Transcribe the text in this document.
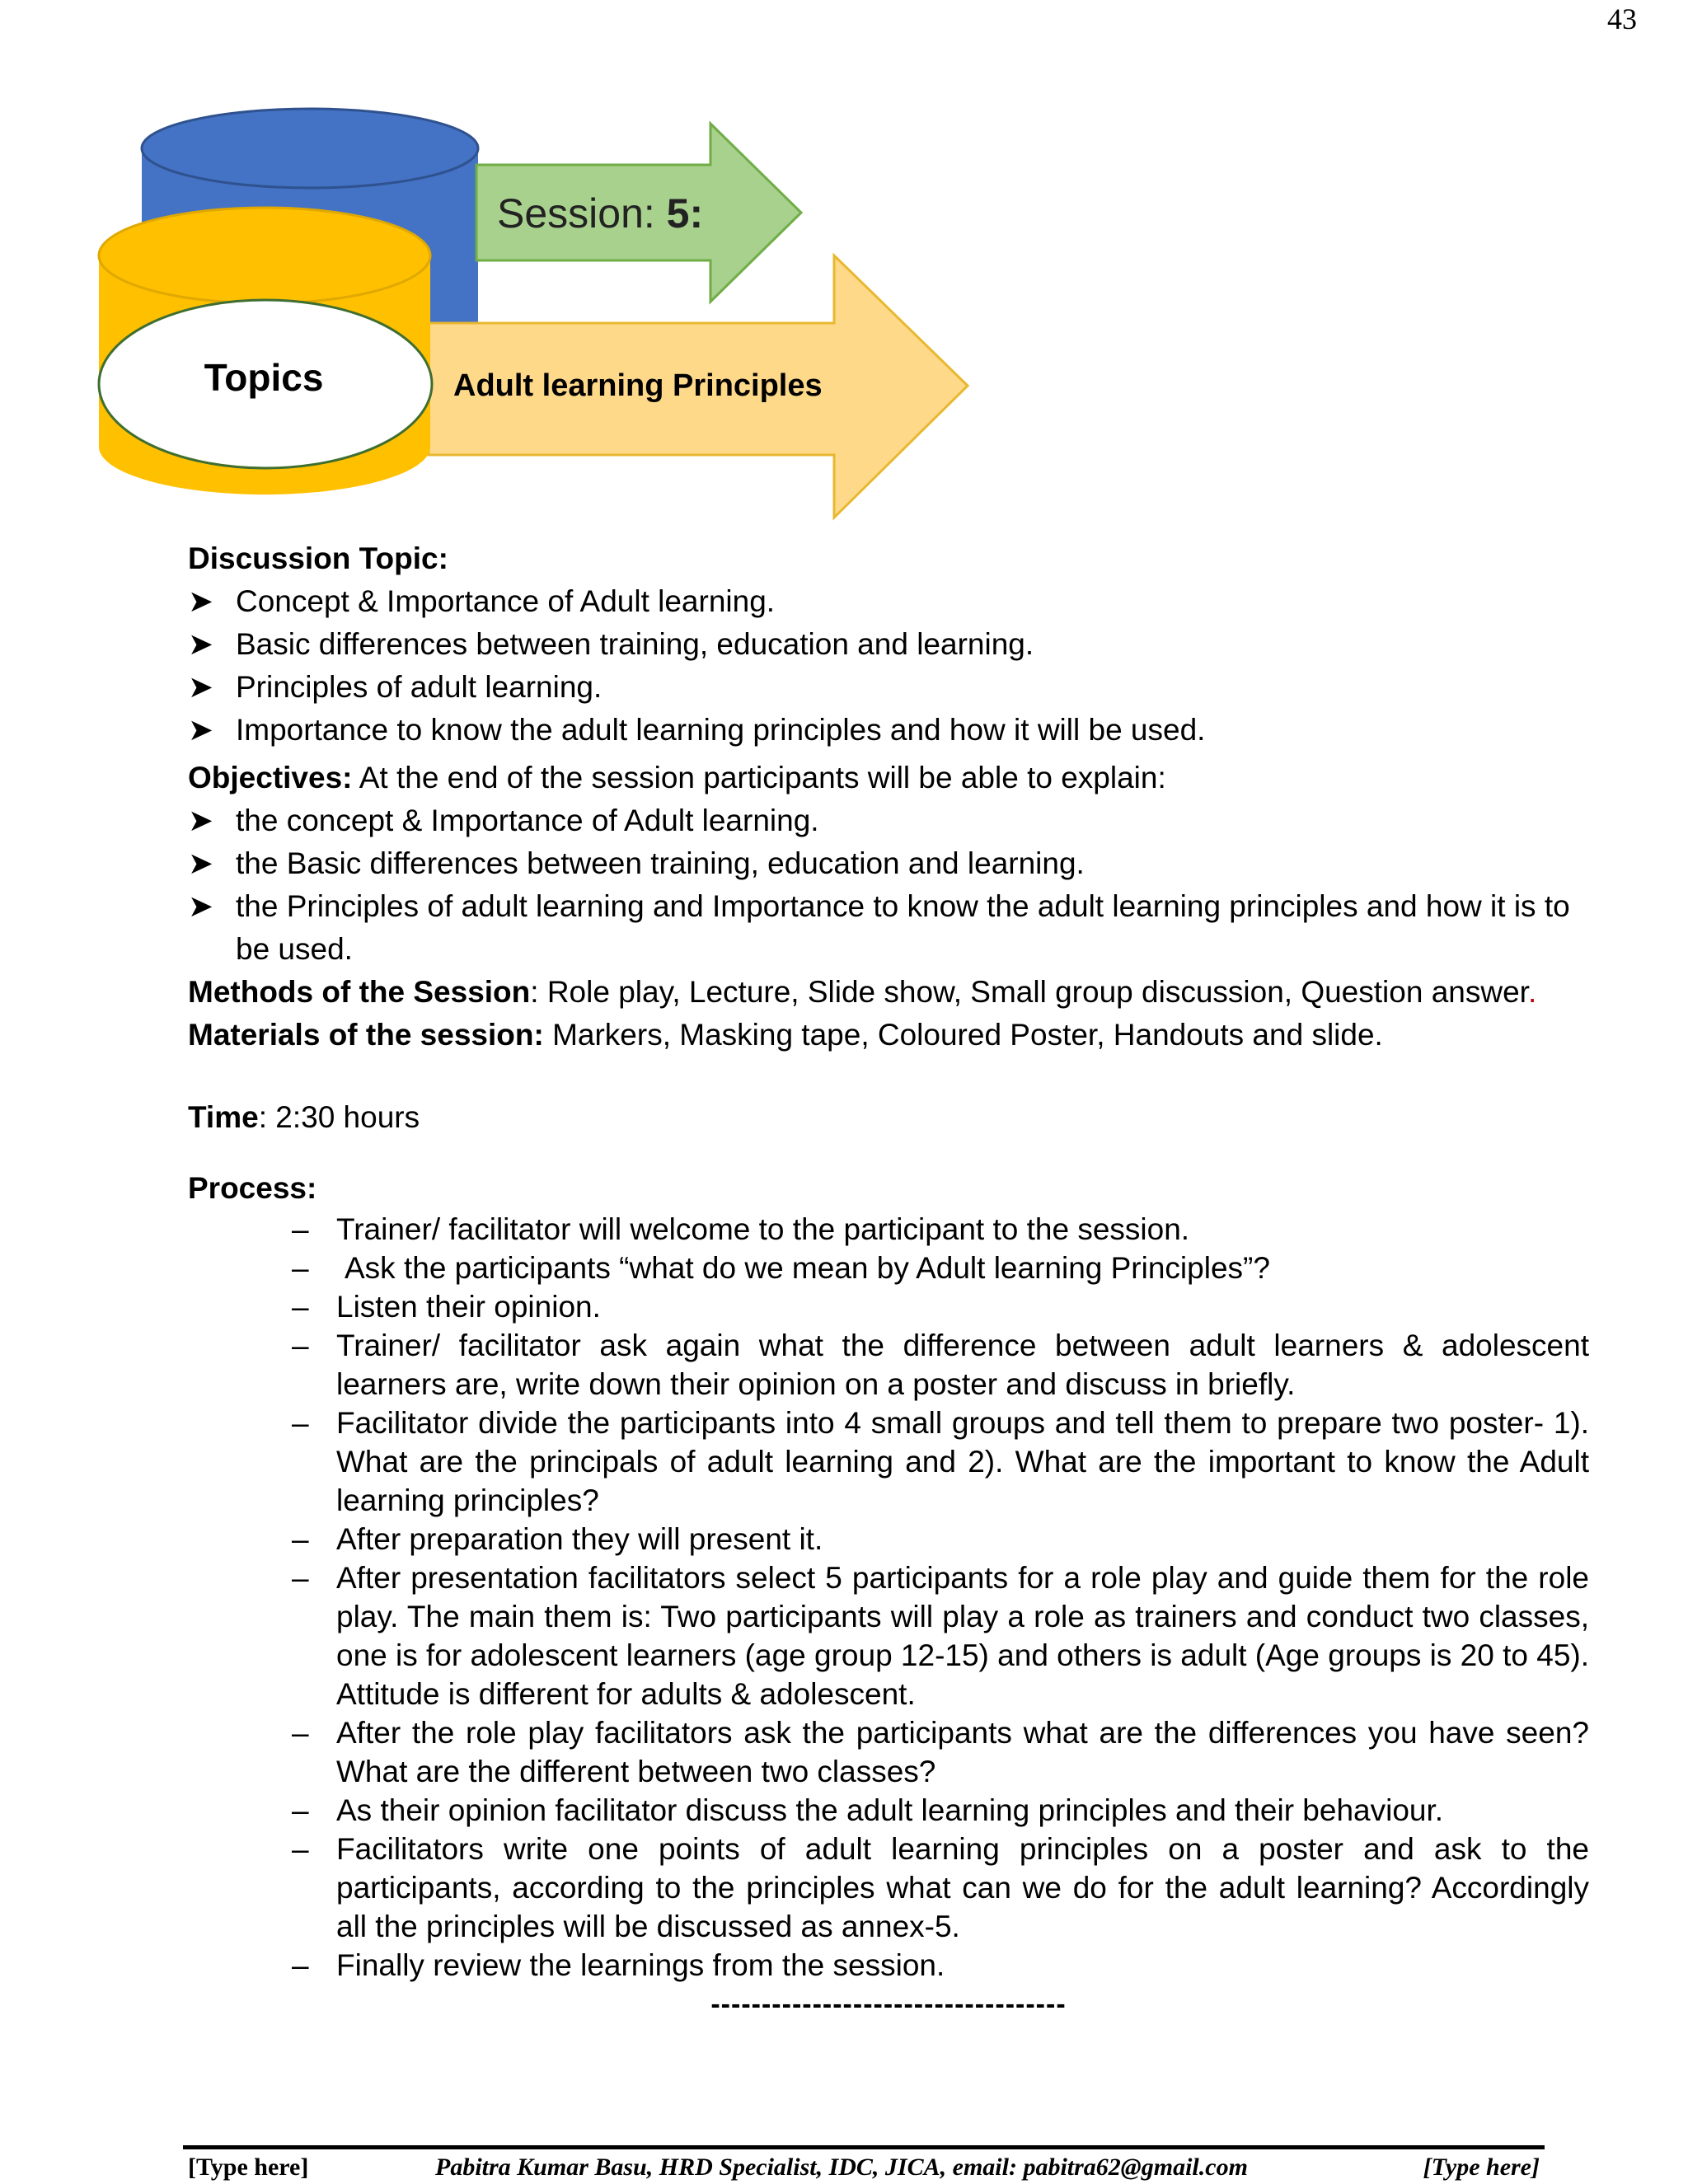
43
Session: 5:
Adult learning Principles
Topics
Discussion Topic:
➤ Concept & Importance of Adult learning.
➤ Basic differences between training, education and learning.
➤ Principles of adult learning.
➤ Importance to know the adult learning principles and how it will be used.

Objectives: At the end of the session participants will be able to explain:

➤ the concept & Importance of Adult learning.
➤ the Basic differences between training, education and learning.
➤ the Principles of adult learning and Importance to know the adult learning principles and how it is to be used.

Methods of the Session: Role play, Lecture, Slide show, Small group discussion, Question answer.

Materials of the session: Markers, Masking tape, Coloured Poster, Handouts and slide.

Time: 2:30 hours

Process:
– Trainer/ facilitator will welcome to the participant to the session.
– Ask the participants “what do we mean by Adult learning Principles”?
– Listen their opinion.
– Trainer/ facilitator ask again what the difference between adult learners & adolescent learners are, write down their opinion on a poster and discuss in briefly.
– Facilitator divide the participants into 4 small groups and tell them to prepare two poster- 1). What are the principals of adult learning and 2). What are the important to know the Adult learning principles?
– After preparation they will present it.
– After presentation facilitators select 5 participants for a role play and guide them for the role play. The main them is: Two participants will play a role as trainers and conduct two classes, one is for adolescent learners (age group 12-15) and others is adult (Age groups is 20 to 45). Attitude is different for adults & adolescent.
– After the role play facilitators ask the participants what are the differences you have seen? What are the different between two classes?
– As their opinion facilitator discuss the adult learning principles and their behaviour.
– Facilitators write one points of adult learning principles on a poster and ask to the participants, according to the principles what can we do for the adult learning? Accordingly all the principles will be discussed as annex-5.
– Finally review the learnings from the session.
-----------------------------------
[Type here]	Pabitra Kumar Basu, HRD Specialist, IDC, JICA, email: pabitra62@gmail.com	[Type here]
